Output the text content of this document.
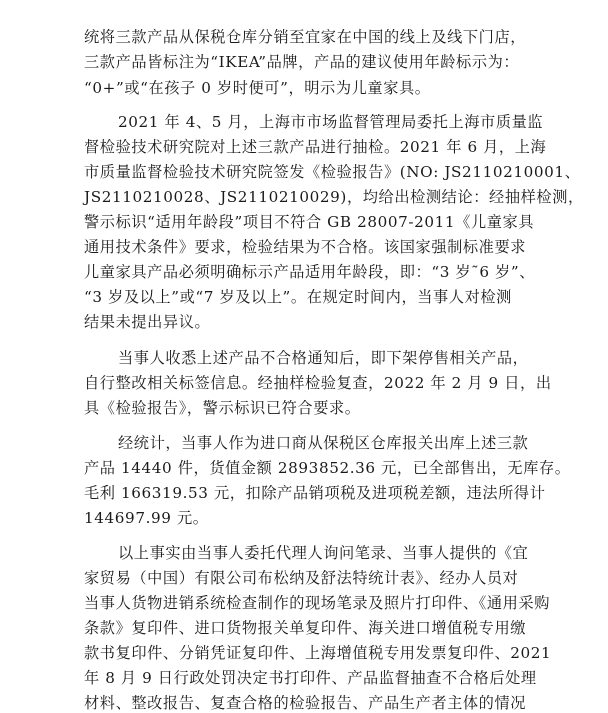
统将三款产品从保税仓库分销至宜家在中国的线上及线下门店，
三款产品皆标注为“IKEA”品牌，产品的建议使用年龄标示为：
“0+”或“在孩子 0 岁时便可”，明示为儿童家具。
2021 年 4、5 月，上海市市场监督管理局委托上海市质量监
督检验技术研究院对上述三款产品进行抽检。2021 年 6 月，上海
市质量监督检验技术研究院签发《检验报告》(NO: JS2110210001、
JS2110210028、JS2110210029)，均给出检测结论：经抽样检测，
警示标识“适用年龄段”项目不符合 GB 28007-2011《儿童家具
通用技术条件》要求，检验结果为不合格。该国家强制标准要求
儿童家具产品必须明确标示产品适用年龄段，即：“3 岁˜6 岁”、
“3 岁及以上”或“7 岁及以上”。在规定时间内，当事人对检测
结果未提出异议。
当事人收悉上述产品不合格通知后，即下架停售相关产品，
自行整改相关标签信息。经抽样检验复查，2022 年 2 月 9 日，出
具《检验报告》，警示标识已符合要求。
经统计，当事人作为进口商从保税区仓库报关出库上述三款
产品 14440 件，货值金额 2893852.36 元，已全部售出，无库存。
毛利 166319.53 元，扣除产品销项税及进项税差额，违法所得计
144697.99 元。
以上事实由当事人委托代理人询问笔录、当事人提供的《宜
家贸易（中国）有限公司布松纳及舒法特统计表》、经办人员对
当事人货物进销系统检查制作的现场笔录及照片打印件、《通用采购
条款》复印件、进口货物报关单复印件、海关进口增值税专用缴
款书复印件、分销凭证复印件、上海增值税专用发票复印件、2021
年 8 月 9 日行政处罚决定书打印件、产品监督抽查不合格后处理
材料、整改报告、复查合格的检验报告、产品生产者主体的情况
